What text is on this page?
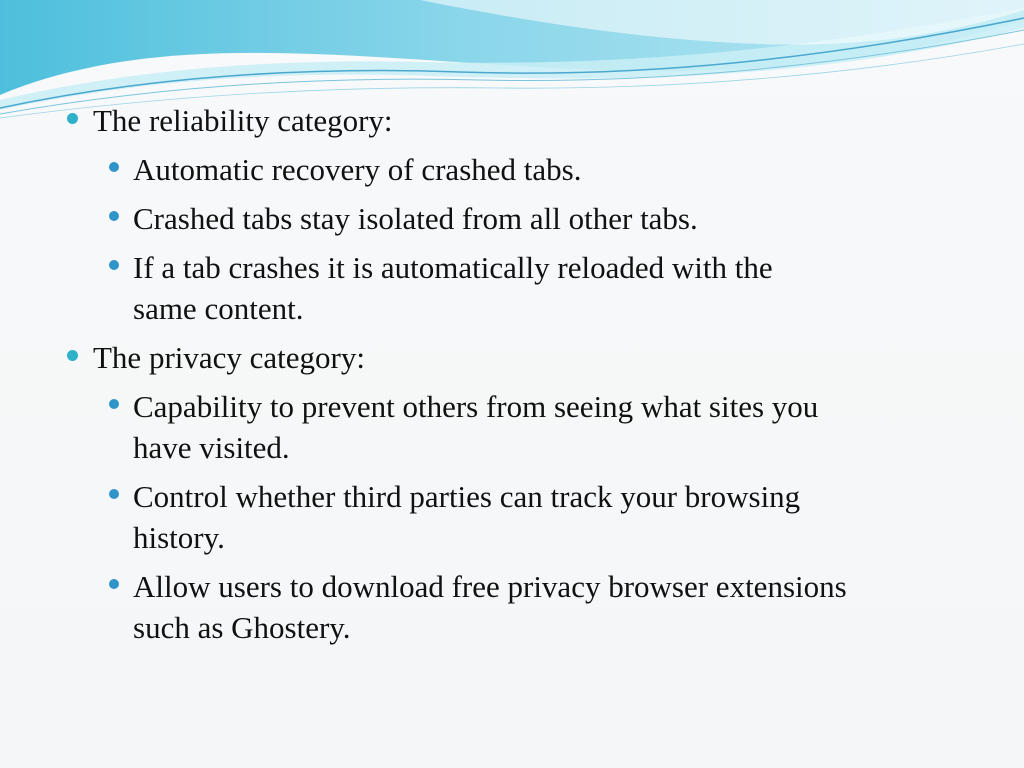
The reliability category:
Automatic recovery of crashed tabs.
Crashed tabs stay isolated from all other tabs.
If a tab crashes it is automatically reloaded with the
same content.
The privacy category:
Capability to prevent others from seeing what sites you
have visited.
Control whether third parties can track your browsing
history.
Allow users to download free privacy browser extensions
such as Ghostery.
